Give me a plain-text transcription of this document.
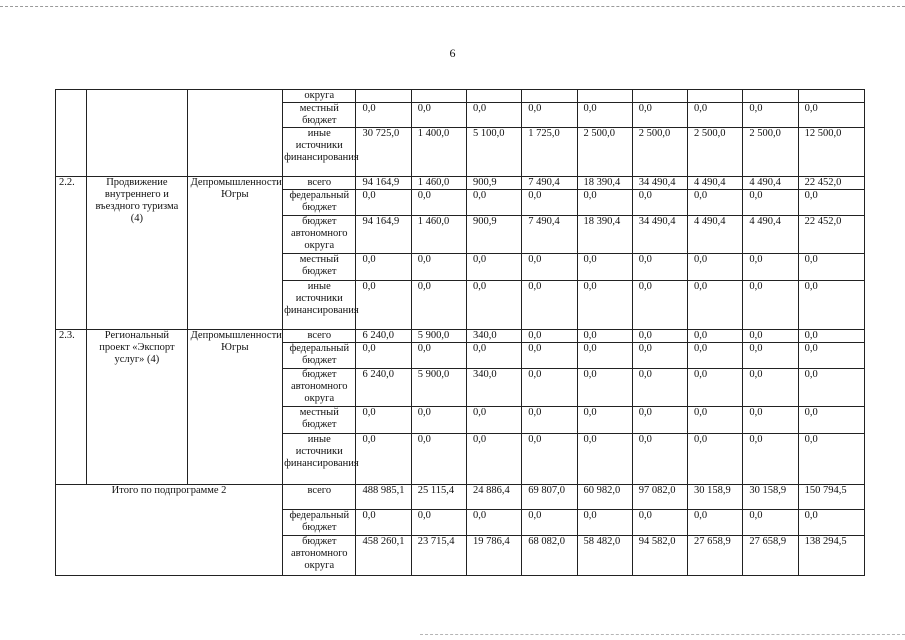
6
			округа									
			местный бюджет	0,0	0,0	0,0	0,0	0,0	0,0	0,0	0,0	0,0
			иные источники финансирования	30 725,0	1 400,0	5 100,0	1 725,0	2 500,0	2 500,0	2 500,0	2 500,0	12 500,0
2.2.	Продвижение внутреннего и въездного туризма (4)	Депромышленности Югры	всего	94 164,9	1 460,0	900,9	7 490,4	18 390,4	34 490,4	4 490,4	4 490,4	22 452,0
			федеральный бюджет	0,0	0,0	0,0	0,0	0,0	0,0	0,0	0,0	0,0
			бюджет автономного округа	94 164,9	1 460,0	900,9	7 490,4	18 390,4	34 490,4	4 490,4	4 490,4	22 452,0
			местный бюджет	0,0	0,0	0,0	0,0	0,0	0,0	0,0	0,0	0,0
			иные источники финансирования	0,0	0,0	0,0	0,0	0,0	0,0	0,0	0,0	0,0
2.3.	Региональный проект «Экспорт услуг» (4)	Депромышленности Югры	всего	6 240,0	5 900,0	340,0	0,0	0,0	0,0	0,0	0,0	0,0
			федеральный бюджет	0,0	0,0	0,0	0,0	0,0	0,0	0,0	0,0	0,0
			бюджет автономного округа	6 240,0	5 900,0	340,0	0,0	0,0	0,0	0,0	0,0	0,0
			местный бюджет	0,0	0,0	0,0	0,0	0,0	0,0	0,0	0,0	0,0
			иные источники финансирования	0,0	0,0	0,0	0,0	0,0	0,0	0,0	0,0	0,0
Итого по подпрограмме 2			всего	488 985,1	25 115,4	24 886,4	69 807,0	60 982,0	97 082,0	30 158,9	30 158,9	150 794,5
			федеральный бюджет	0,0	0,0	0,0	0,0	0,0	0,0	0,0	0,0	0,0
			бюджет автономного округа	458 260,1	23 715,4	19 786,4	68 082,0	58 482,0	94 582,0	27 658,9	27 658,9	138 294,5
